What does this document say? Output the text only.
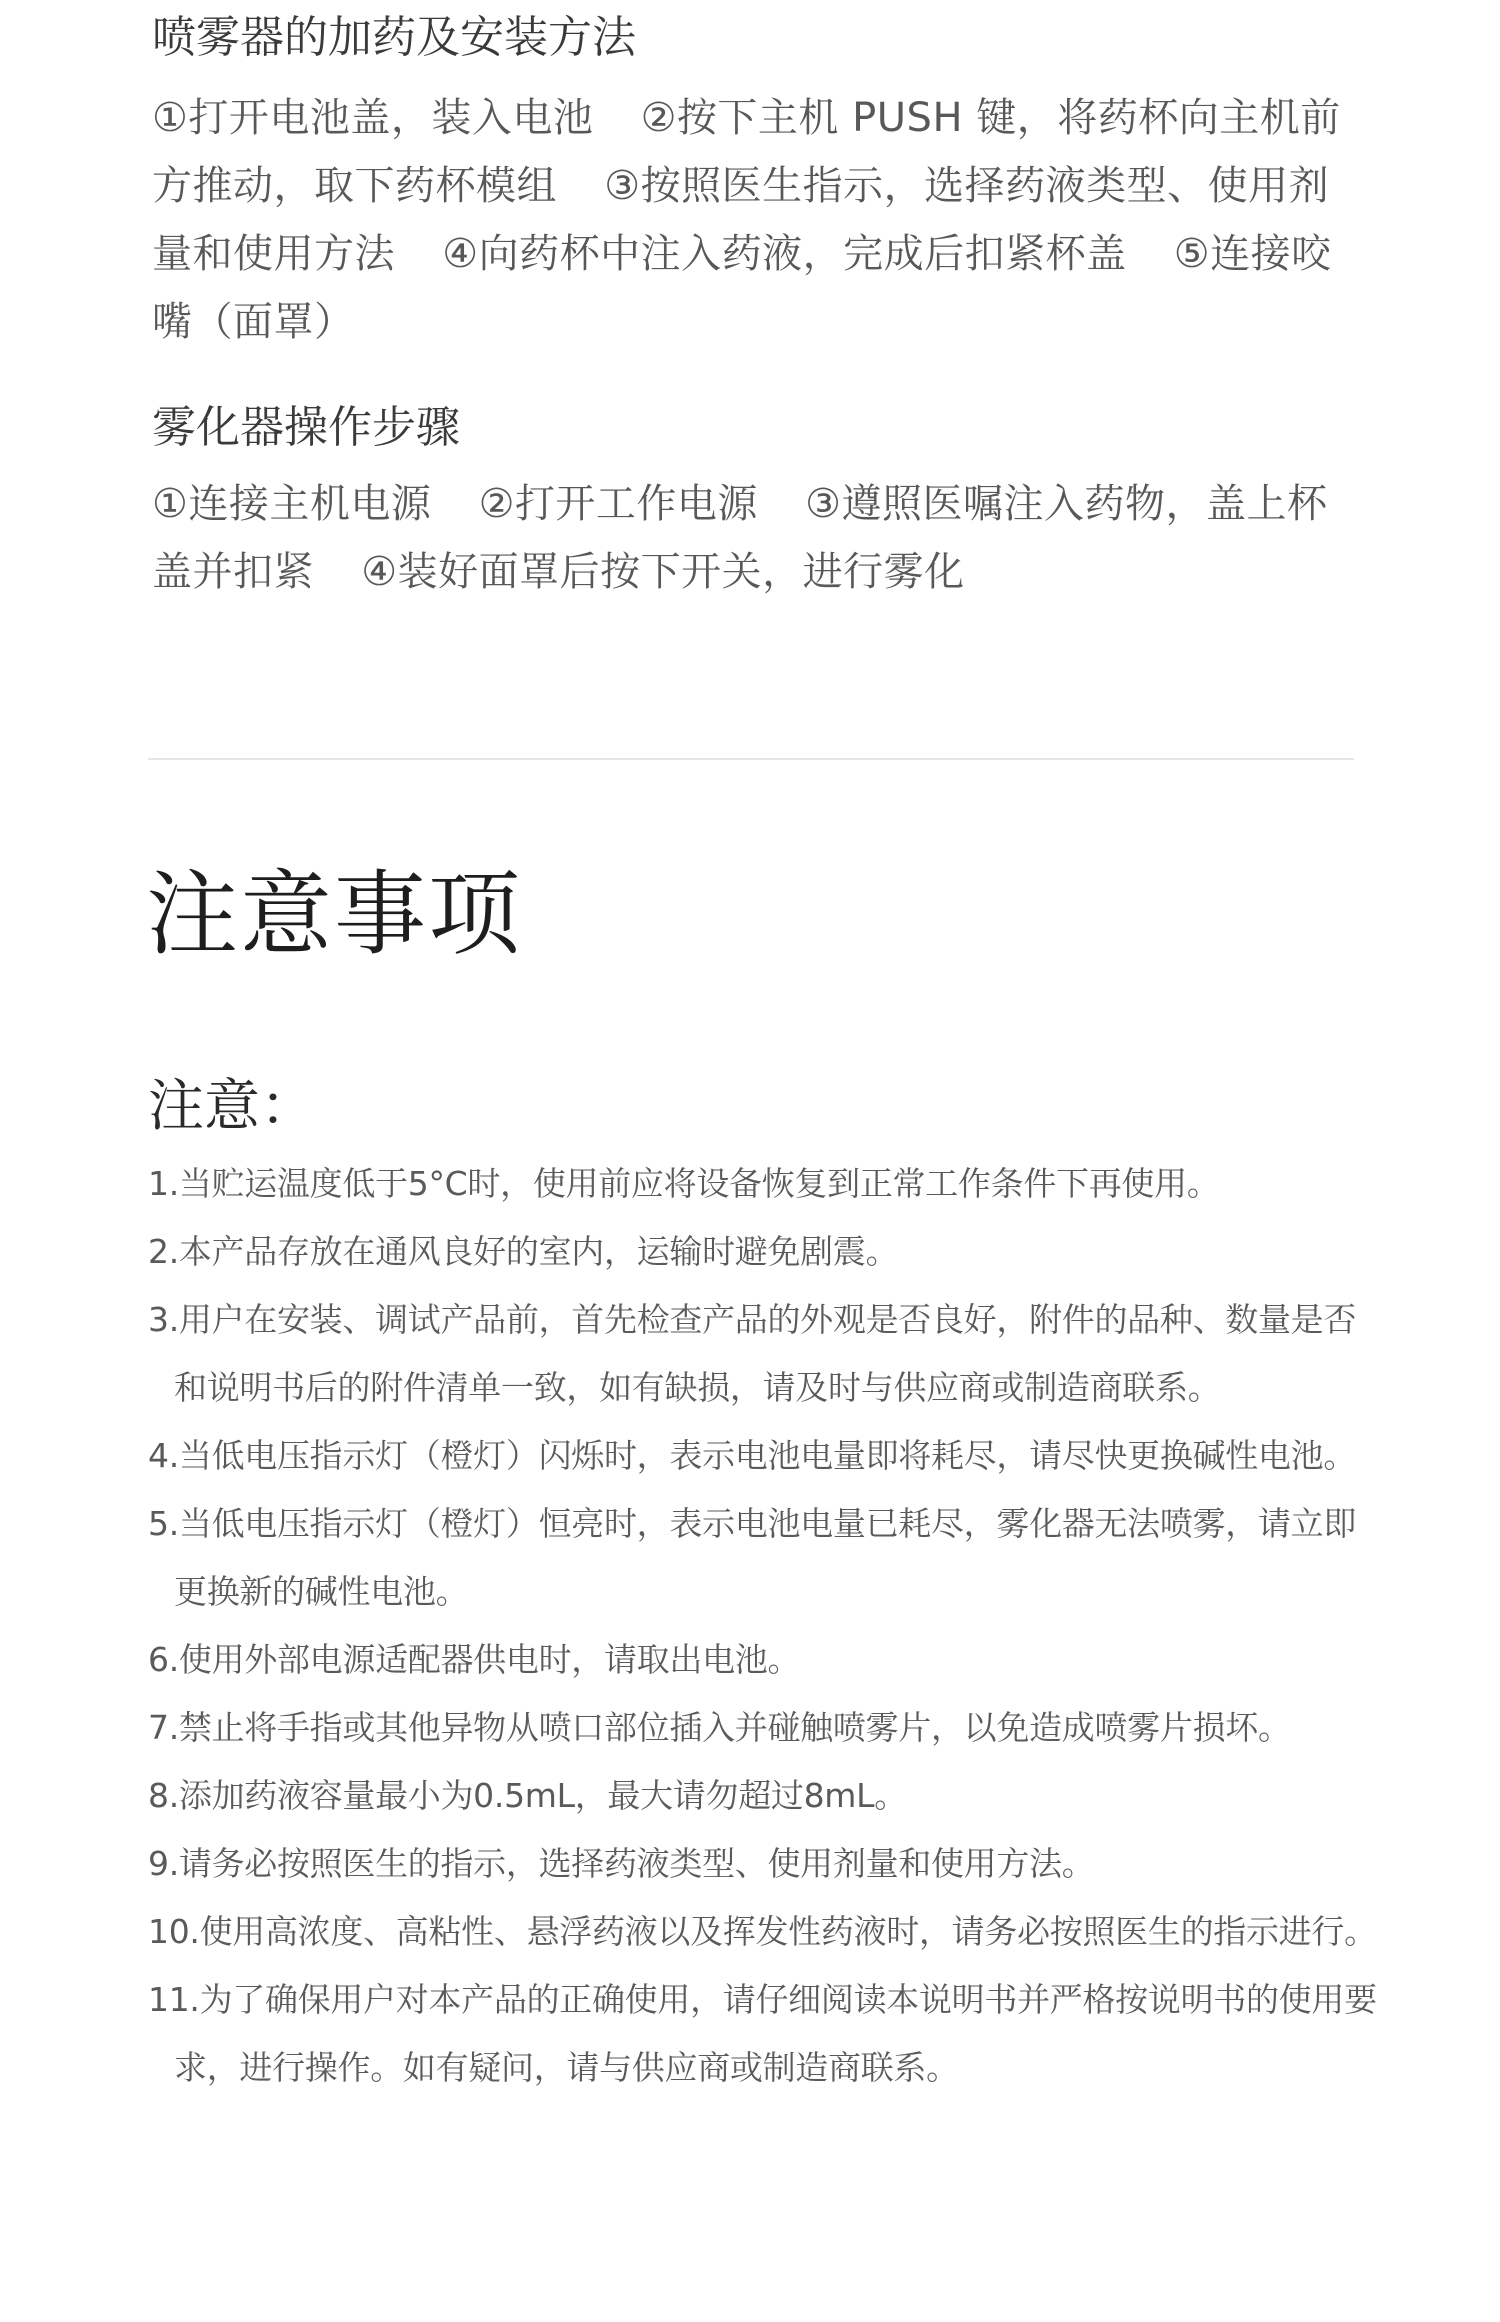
喷雾器的加药及安装方法

①打开电池盖，装入电池 ②按下主机 PUSH 键，将药杯向主机前方推动，取下药杯模组 ③按照医生指示，选择药液类型、使用剂量和使用方法 ④向药杯中注入药液，完成后扣紧杯盖 ⑤连接咬嘴（面罩）

雾化器操作步骤

①连接主机电源 ②打开工作电源 ③遵照医嘱注入药物，盖上杯盖并扣紧 ④装好面罩后按下开关，进行雾化

注意事项
注意：
1.当贮运温度低于5°C时，使用前应将设备恢复到正常工作条件下再使用。
2.本产品存放在通风良好的室内，运输时避免剧震。
3.用户在安装、调试产品前，首先检查产品的外观是否良好，附件的品种、数量是否和说明书后的附件清单一致，如有缺损，请及时与供应商或制造商联系。
4.当低电压指示灯（橙灯）闪烁时，表示电池电量即将耗尽，请尽快更换碱性电池。
5.当低电压指示灯（橙灯）恒亮时，表示电池电量已耗尽，雾化器无法喷雾，请立即更换新的碱性电池。
6.使用外部电源适配器供电时，请取出电池。
7.禁止将手指或其他异物从喷口部位插入并碰触喷雾片，以免造成喷雾片损坏。
8.添加药液容量最小为0.5mL，最大请勿超过8mL。
9.请务必按照医生的指示，选择药液类型、使用剂量和使用方法。
10.使用高浓度、高粘性、悬浮药液以及挥发性药液时，请务必按照医生的指示进行。
11.为了确保用户对本产品的正确使用，请仔细阅读本说明书并严格按说明书的使用要求，进行操作。如有疑问，请与供应商或制造商联系。
